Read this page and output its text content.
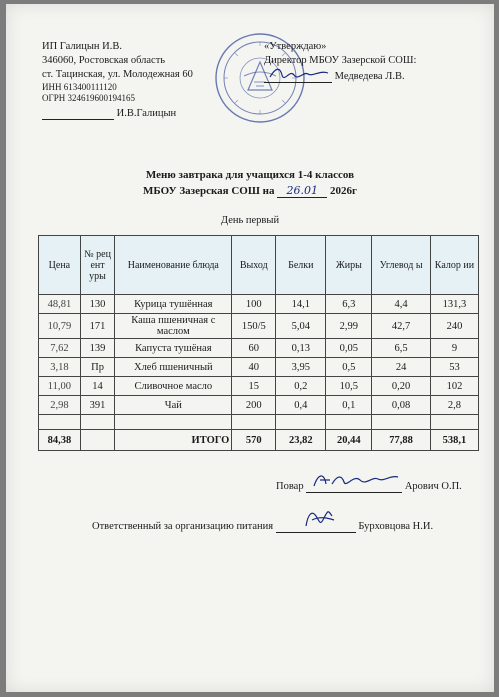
ИП Галицын И.В.
346060, Ростовская область
ст. Тацинская, ул. Молодежная 60
ИНН 613400111120
ОГРН 324619600194165
И.В.Галицын
«Утверждаю»
Директор МБОУ Зазерской СОШ:
Медведева Л.В.
Меню завтрака для учащихся 1-4 классов
МБОУ Зазерская СОШ на 26.01 2026г
День первый
Цена	№ рец ент уры	Наименование блюда	Выход	Белки	Жиры	Углевод ы	Калор ии
48,81	130	Курица тушённая	100	14,1	6,3	4,4	131,3
10,79	171	Каша пшеничная с маслом	150/5	5,04	2,99	42,7	240
7,62	139	Капуста тушёная	60	0,13	0,05	6,5	9
3,18	Пр	Хлеб пшеничный	40	3,95	0,5	24	53
11,00	14	Сливочное масло	15	0,2	10,5	0,20	102
2,98	391	Чай	200	0,4	0,1	0,08	2,8

84,38		ИТОГО	570	23,82	20,44	77,88	538,1
Повар	Арович О.П.
Ответственный за организацию питания	Бурховцова Н.И.
